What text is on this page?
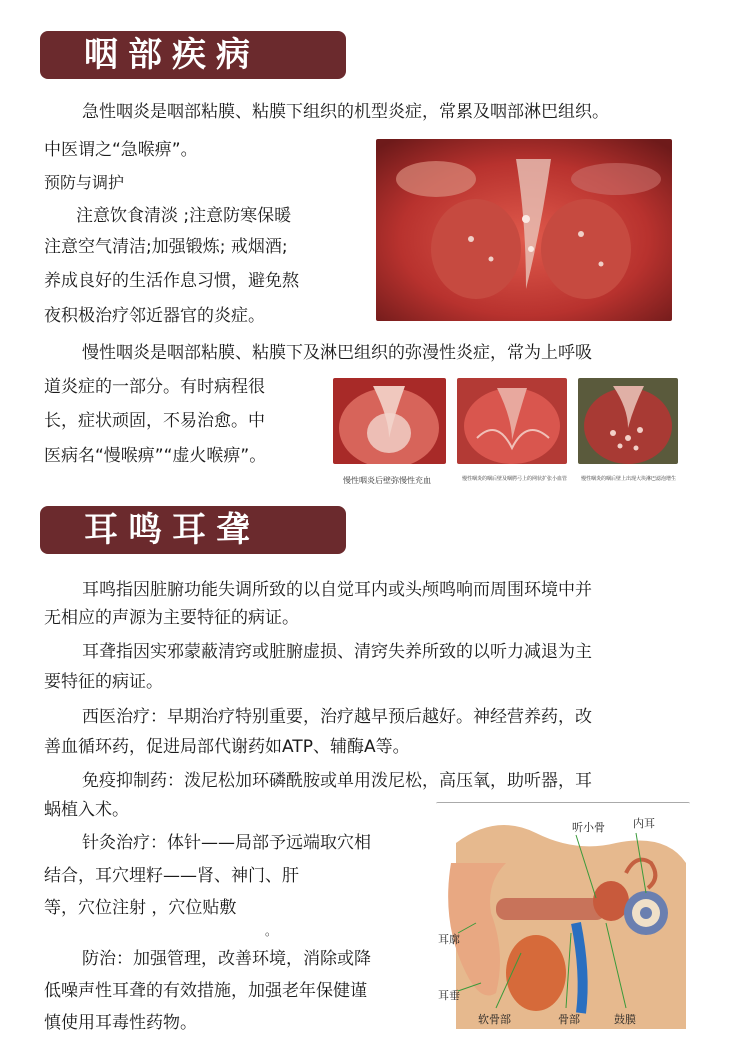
咽部疾病
急性咽炎是咽部粘膜、粘膜下组织的机型炎症，常累及咽部淋巴组织。
中医谓之“急喉痹”。
预防与调护
注意饮食清淡 ;注意防寒保暖
注意空气清洁;加强锻炼; 戒烟酒;
养成良好的生活作息习惯，避免熬
夜积极治疗邻近器官的炎症。
慢性咽炎是咽部粘膜、粘膜下及淋巴组织的弥漫性炎症，常为上呼吸
道炎症的一部分。有时病程很
长，症状顽固，不易治愈。中
医病名“慢喉痹”“虚火喉痹”。
慢性咽炎后壁弥慢性充血	慢性咽炎的咽后壁及咽腭弓上的网状扩张小血管	慢性咽炎的咽后壁上出现大块淋巴滤泡增生
耳鸣耳聋
耳鸣指因脏腑功能失调所致的以自觉耳内或头颅鸣响而周围环境中并
无相应的声源为主要特征的病证。
耳聋指因实邪蒙蔽清窍或脏腑虚损、清窍失养所致的以听力减退为主
要特征的病证。
西医治疗：早期治疗特别重要，治疗越早预后越好。神经营养药，改
善血循环药，促进局部代谢药如ATP、辅酶A等。
免疫抑制药：泼尼松加环磷酰胺或单用泼尼松，高压氧，助听器，耳
蜗植入术。
针灸治疗：体针——局部予远端取穴相
结合，耳穴埋籽——肾、神门、肝
等，穴位注射 ，穴位贴敷
。
防治：加强管理，改善环境，消除或降
低噪声性耳聋的有效措施，加强老年保健谨
慎使用耳毒性药物。
听小骨	内耳
耳廓
耳垂
软骨部	骨部	鼓膜
